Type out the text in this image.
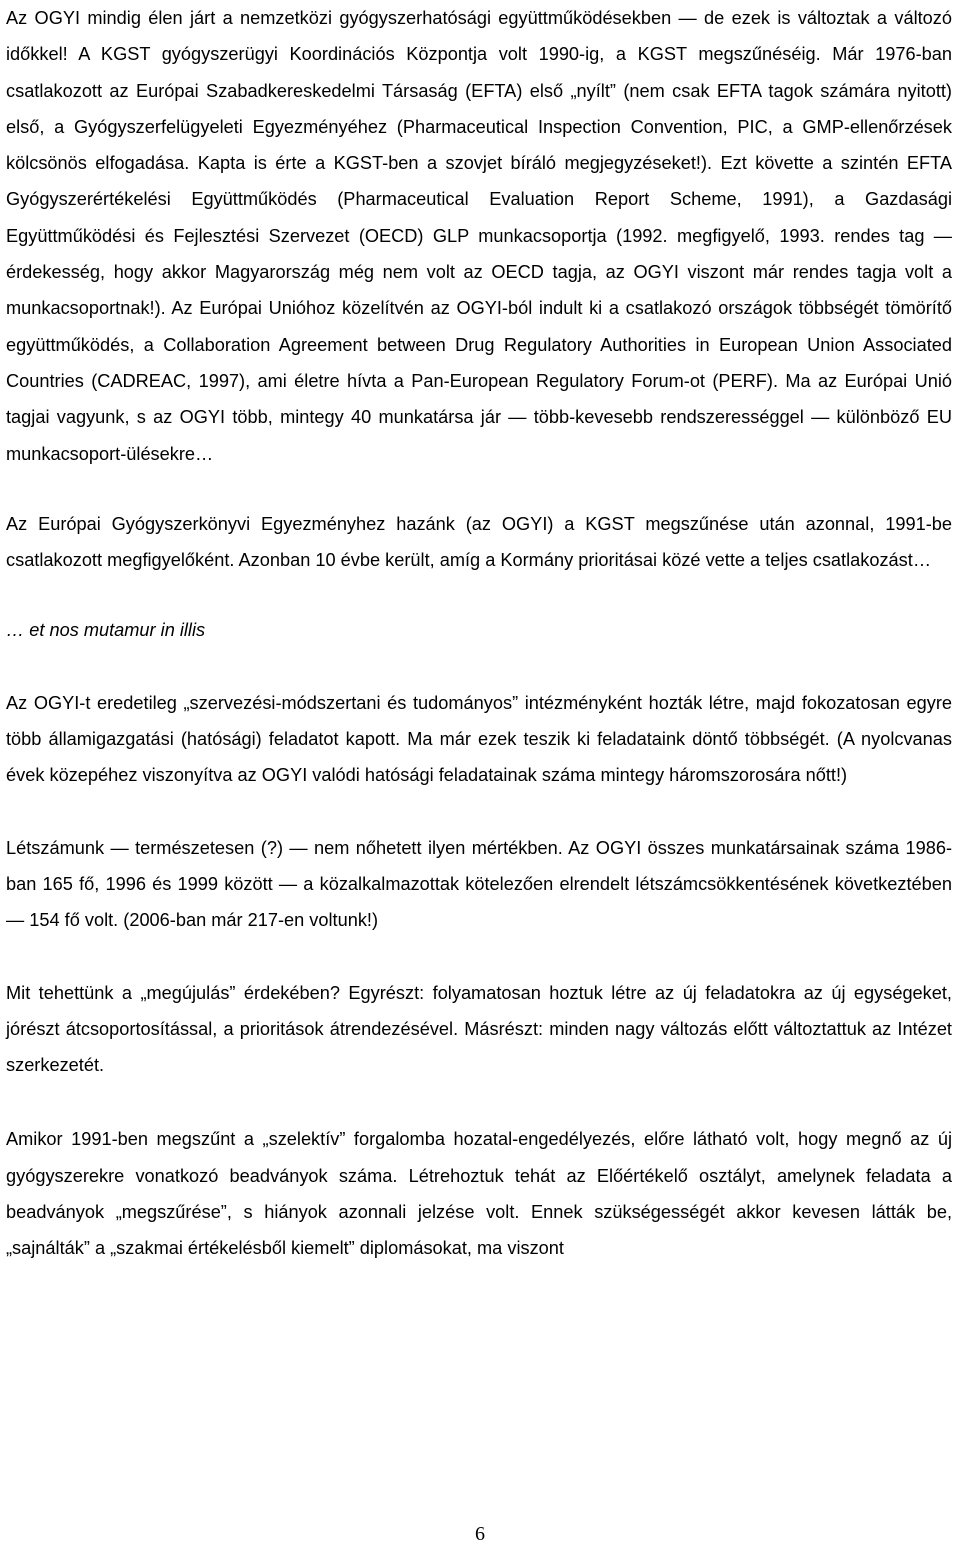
Az OGYI mindig élen járt a nemzetközi gyógyszerhatósági együttműködésekben — de ezek is változtak a változó időkkel! A KGST gyógyszerügyi Koordinációs Központja volt 1990-ig, a KGST megszűnéséig. Már 1976-ban csatlakozott az Európai Szabadkereskedelmi Társaság (EFTA) első „nyílt” (nem csak EFTA tagok számára nyitott) első, a Gyógyszerfelügyeleti Egyezményéhez (Pharmaceutical Inspection Convention, PIC, a GMP-ellenőrzések kölcsönös elfogadása. Kapta is érte a KGST-ben a szovjet bíráló megjegyzéseket!). Ezt követte a szintén EFTA Gyógyszerértékelési Együttműködés (Pharmaceutical Evaluation Report Scheme, 1991), a Gazdasági Együttműködési és Fejlesztési Szervezet (OECD) GLP munkacsoportja (1992. megfigyelő, 1993. rendes tag — érdekesség, hogy akkor Magyarország még nem volt az OECD tagja, az OGYI viszont már rendes tagja volt a munkacsoportnak!). Az Európai Unióhoz közelítvén az OGYI-ból indult ki a csatlakozó országok többségét tömörítő együttműködés, a Collaboration Agreement between Drug Regulatory Authorities in European Union Associated Countries (CADREAC, 1997), ami életre hívta a Pan-European Regulatory Forum-ot (PERF). Ma az Európai Unió tagjai vagyunk, s az OGYI több, mintegy 40 munkatársa jár — több-kevesebb rendszerességgel — különböző EU munkacsoport-ülésekre…

Az Európai Gyógyszerkönyvi Egyezményhez hazánk (az OGYI) a KGST megszűnése után azonnal, 1991-be csatlakozott megfigyelőként. Azonban 10 évbe került, amíg a Kormány prioritásai közé vette a teljes csatlakozást…

… et nos mutamur in illis

Az OGYI-t eredetileg „szervezési-módszertani és tudományos” intézményként hozták létre, majd fokozatosan egyre több államigazgatási (hatósági) feladatot kapott. Ma már ezek teszik ki feladataink döntő többségét. (A nyolcvanas évek közepéhez viszonyítva az OGYI valódi hatósági feladatainak száma mintegy háromszorosára nőtt!)

Létszámunk — természetesen (?) — nem nőhetett ilyen mértékben. Az OGYI összes munkatársainak száma 1986-ban 165 fő, 1996 és 1999 között — a közalkalmazottak kötelezően elrendelt létszámcsökkentésének következtében — 154 fő volt. (2006-ban már 217-en voltunk!)

Mit tehettünk a „megújulás” érdekében? Egyrészt: folyamatosan hoztuk létre az új feladatokra az új egységeket, jórészt átcsoportosítással, a prioritások átrendezésével. Másrészt: minden nagy változás előtt változtattuk az Intézet szerkezetét.

Amikor 1991-ben megszűnt a „szelektív” forgalomba hozatal-engedélyezés, előre látható volt, hogy megnő az új gyógyszerekre vonatkozó beadványok száma. Létrehoztuk tehát az Előértékelő osztályt, amelynek feladata a beadványok „megszűrése”, s hiányok azonnali jelzése volt. Ennek szükségességét akkor kevesen látták be, „sajnálták” a „szakmai értékelésből kiemelt” diplomásokat, ma viszont

6
